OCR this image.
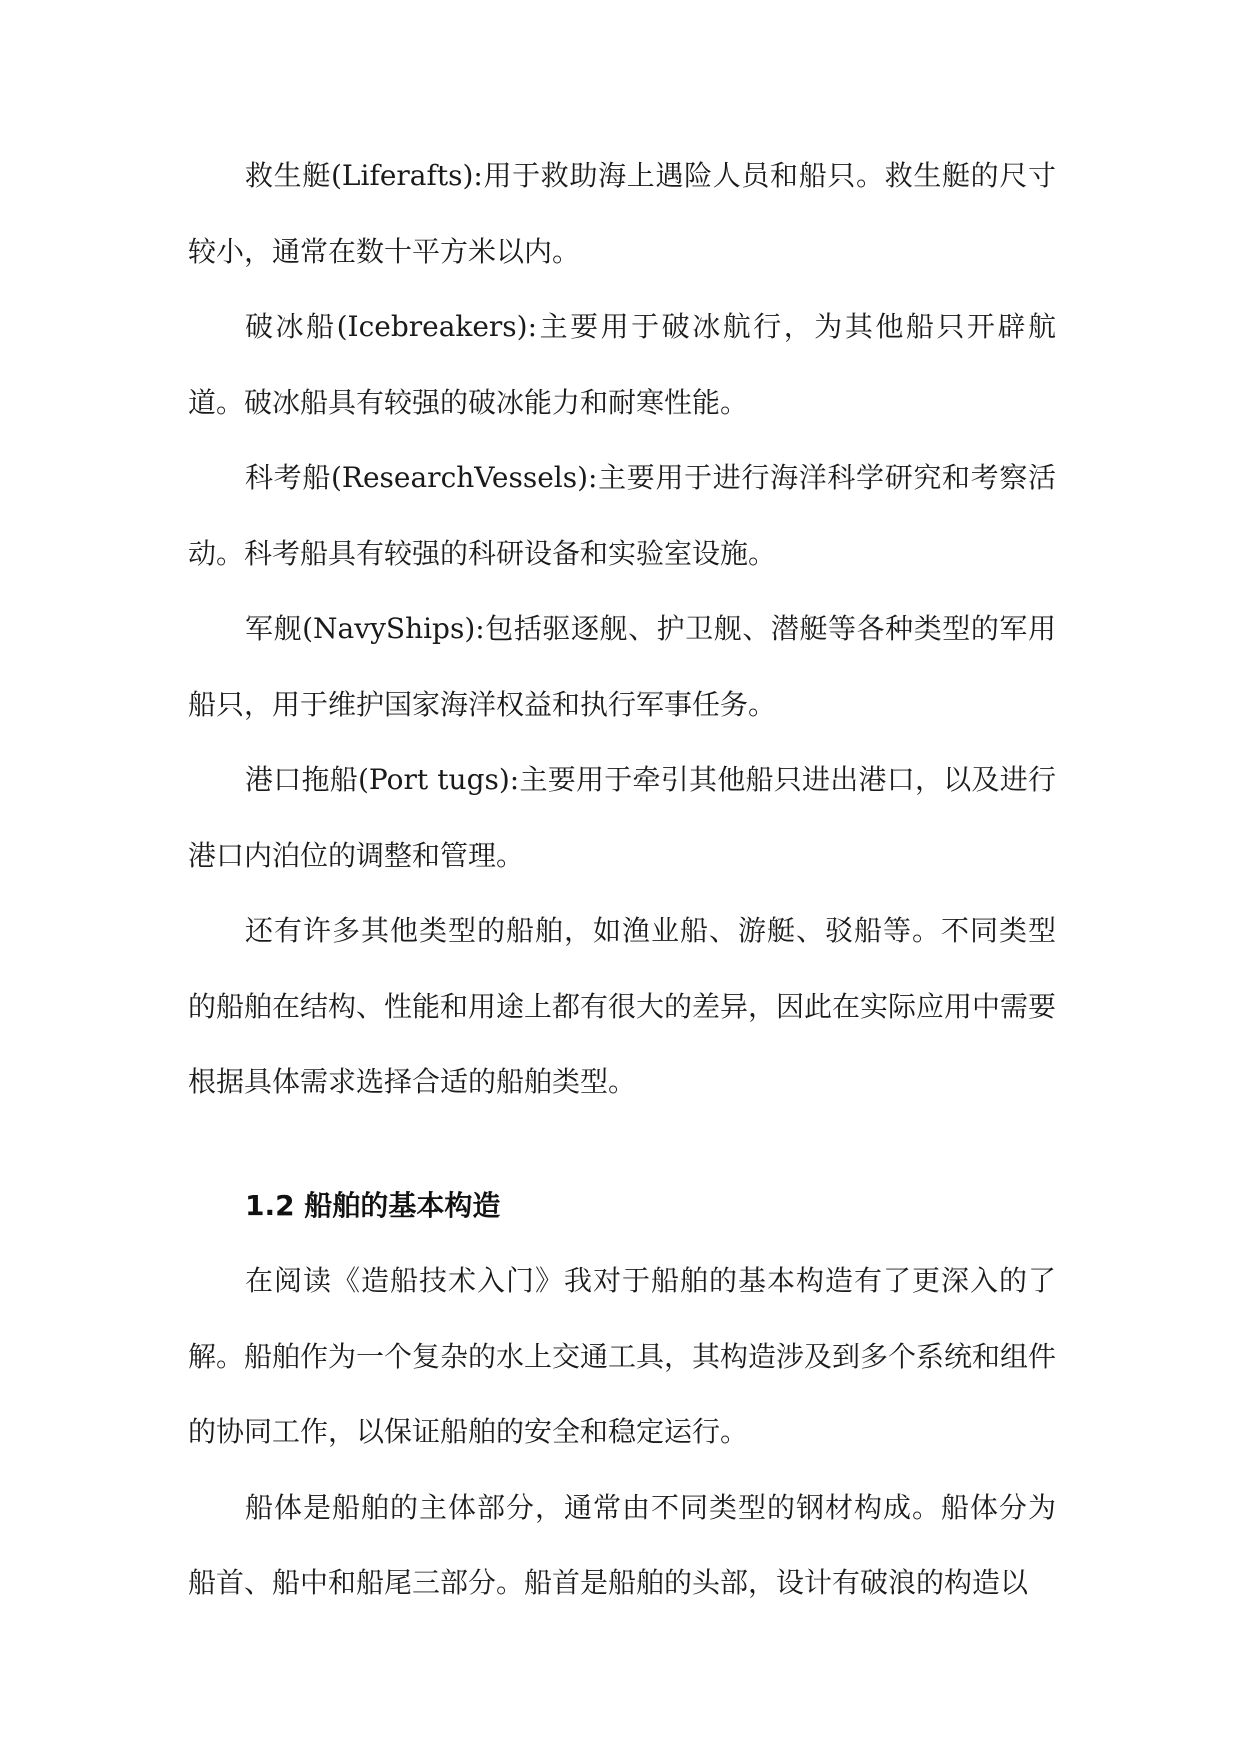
救生艇(Liferafts):用于救助海上遇险人员和船只。救生艇的尺寸较小，通常在数十平方米以内。

破冰船(Icebreakers):主要用于破冰航行，为其他船只开辟航道。破冰船具有较强的破冰能力和耐寒性能。

科考船(ResearchVessels):主要用于进行海洋科学研究和考察活动。科考船具有较强的科研设备和实验室设施。

军舰(NavyShips):包括驱逐舰、护卫舰、潜艇等各种类型的军用船只，用于维护国家海洋权益和执行军事任务。

港口拖船(Port tugs):主要用于牵引其他船只进出港口，以及进行港口内泊位的调整和管理。

还有许多其他类型的船舶，如渔业船、游艇、驳船等。不同类型的船舶在结构、性能和用途上都有很大的差异，因此在实际应用中需要根据具体需求选择合适的船舶类型。

1.2 船舶的基本构造

在阅读《造船技术入门》我对于船舶的基本构造有了更深入的了解。船舶作为一个复杂的水上交通工具，其构造涉及到多个系统和组件的协同工作，以保证船舶的安全和稳定运行。

船体是船舶的主体部分，通常由不同类型的钢材构成。船体分为船首、船中和船尾三部分。船首是船舶的头部，设计有破浪的构造以
